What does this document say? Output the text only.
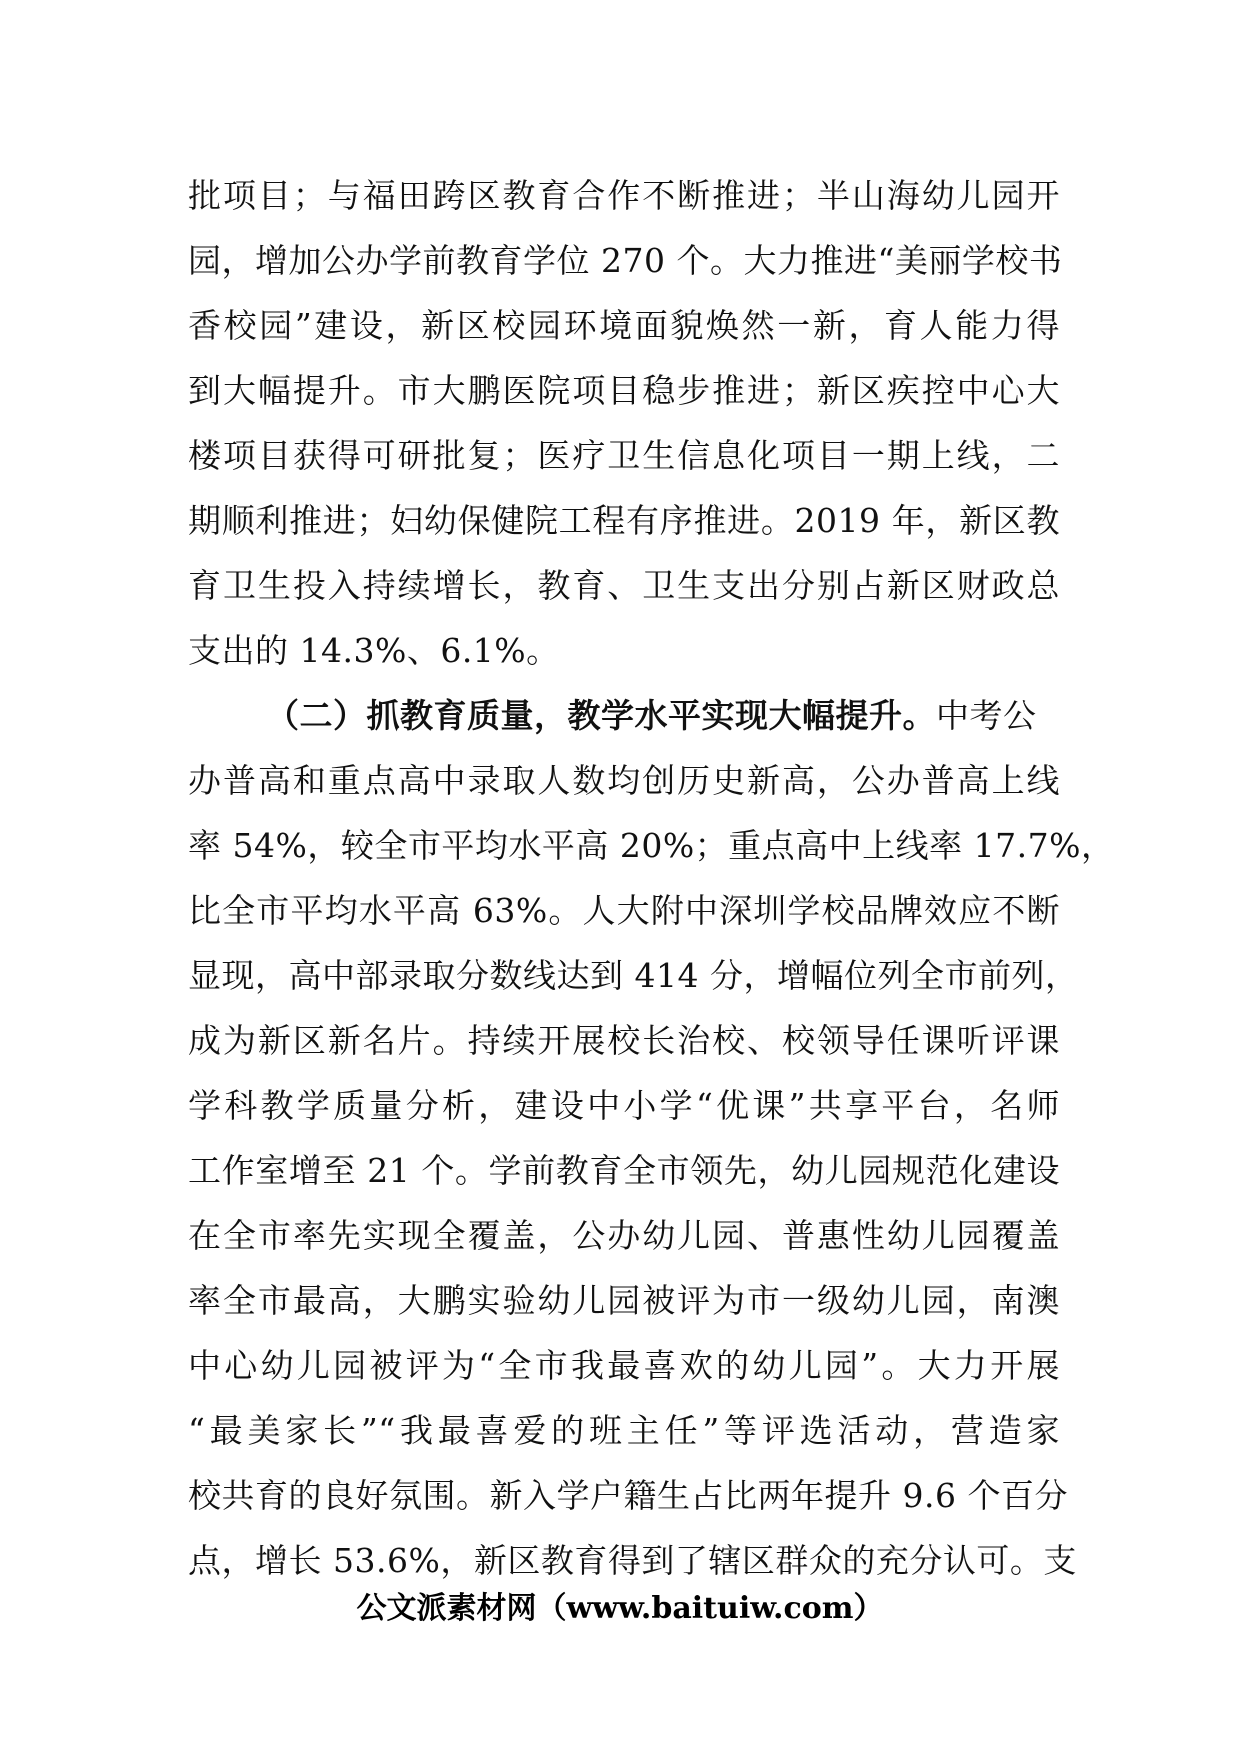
批项目；与福田跨区教育合作不断推进；半山海幼儿园开
园，增加公办学前教育学位 270 个。大力推进“美丽学校书
香校园”建设，新区校园环境面貌焕然一新，育人能力得
到大幅提升。市大鹏医院项目稳步推进；新区疾控中心大
楼项目获得可研批复；医疗卫生信息化项目一期上线，二
期顺利推进；妇幼保健院工程有序推进。2019 年，新区教
育卫生投入持续增长，教育、卫生支出分别占新区财政总
支出的 14.3%、6.1%。
（二）抓教育质量，教学水平实现大幅提升。中考公
办普高和重点高中录取人数均创历史新高，公办普高上线
率 54%，较全市平均水平高 20%；重点高中上线率 17.7%，
比全市平均水平高 63%。人大附中深圳学校品牌效应不断
显现，高中部录取分数线达到 414 分，增幅位列全市前列，
成为新区新名片。持续开展校长治校、校领导任课听评课
学科教学质量分析，建设中小学“优课”共享平台，名师
工作室增至 21 个。学前教育全市领先，幼儿园规范化建设
在全市率先实现全覆盖，公办幼儿园、普惠性幼儿园覆盖
率全市最高，大鹏实验幼儿园被评为市一级幼儿园，南澳
中心幼儿园被评为“全市我最喜欢的幼儿园”。大力开展
“最美家长”“我最喜爱的班主任”等评选活动，营造家
校共育的良好氛围。新入学户籍生占比两年提升 9.6 个百分
点，增长 53.6%，新区教育得到了辖区群众的充分认可。支
公文派素材网（www.baituiw.com）
